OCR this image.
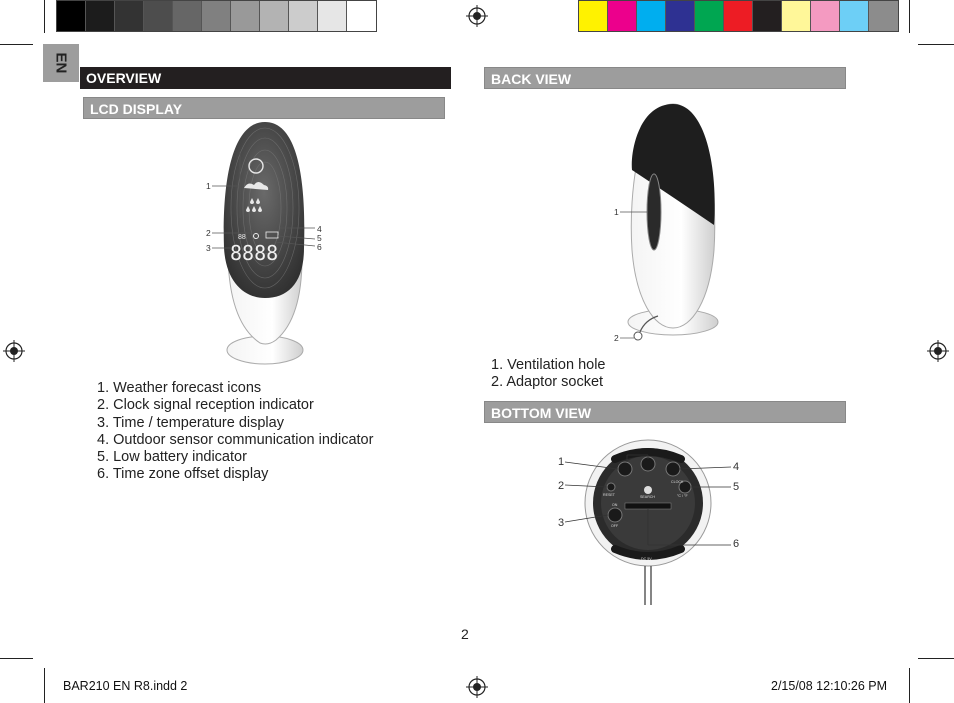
EN
OVERVIEW
LCD DISPLAY
88
8888
1
2
3
4
5
6
1. Weather forecast icons
2. Clock signal reception indicator
3. Time / temperature display
4. Outdoor sensor communication indicator
5. Low battery indicator
6. Time zone offset display
BACK VIEW
1
2
1. Ventilation hole
2. Adaptor socket
BOTTOM VIEW
CLOCK
RESET	°C / °F
SEARCH
ON
OFF
DC 5V
1
2
3
4
5
6
2
BAR210 EN R8.indd 2	2/15/08 12:10:26 PM
